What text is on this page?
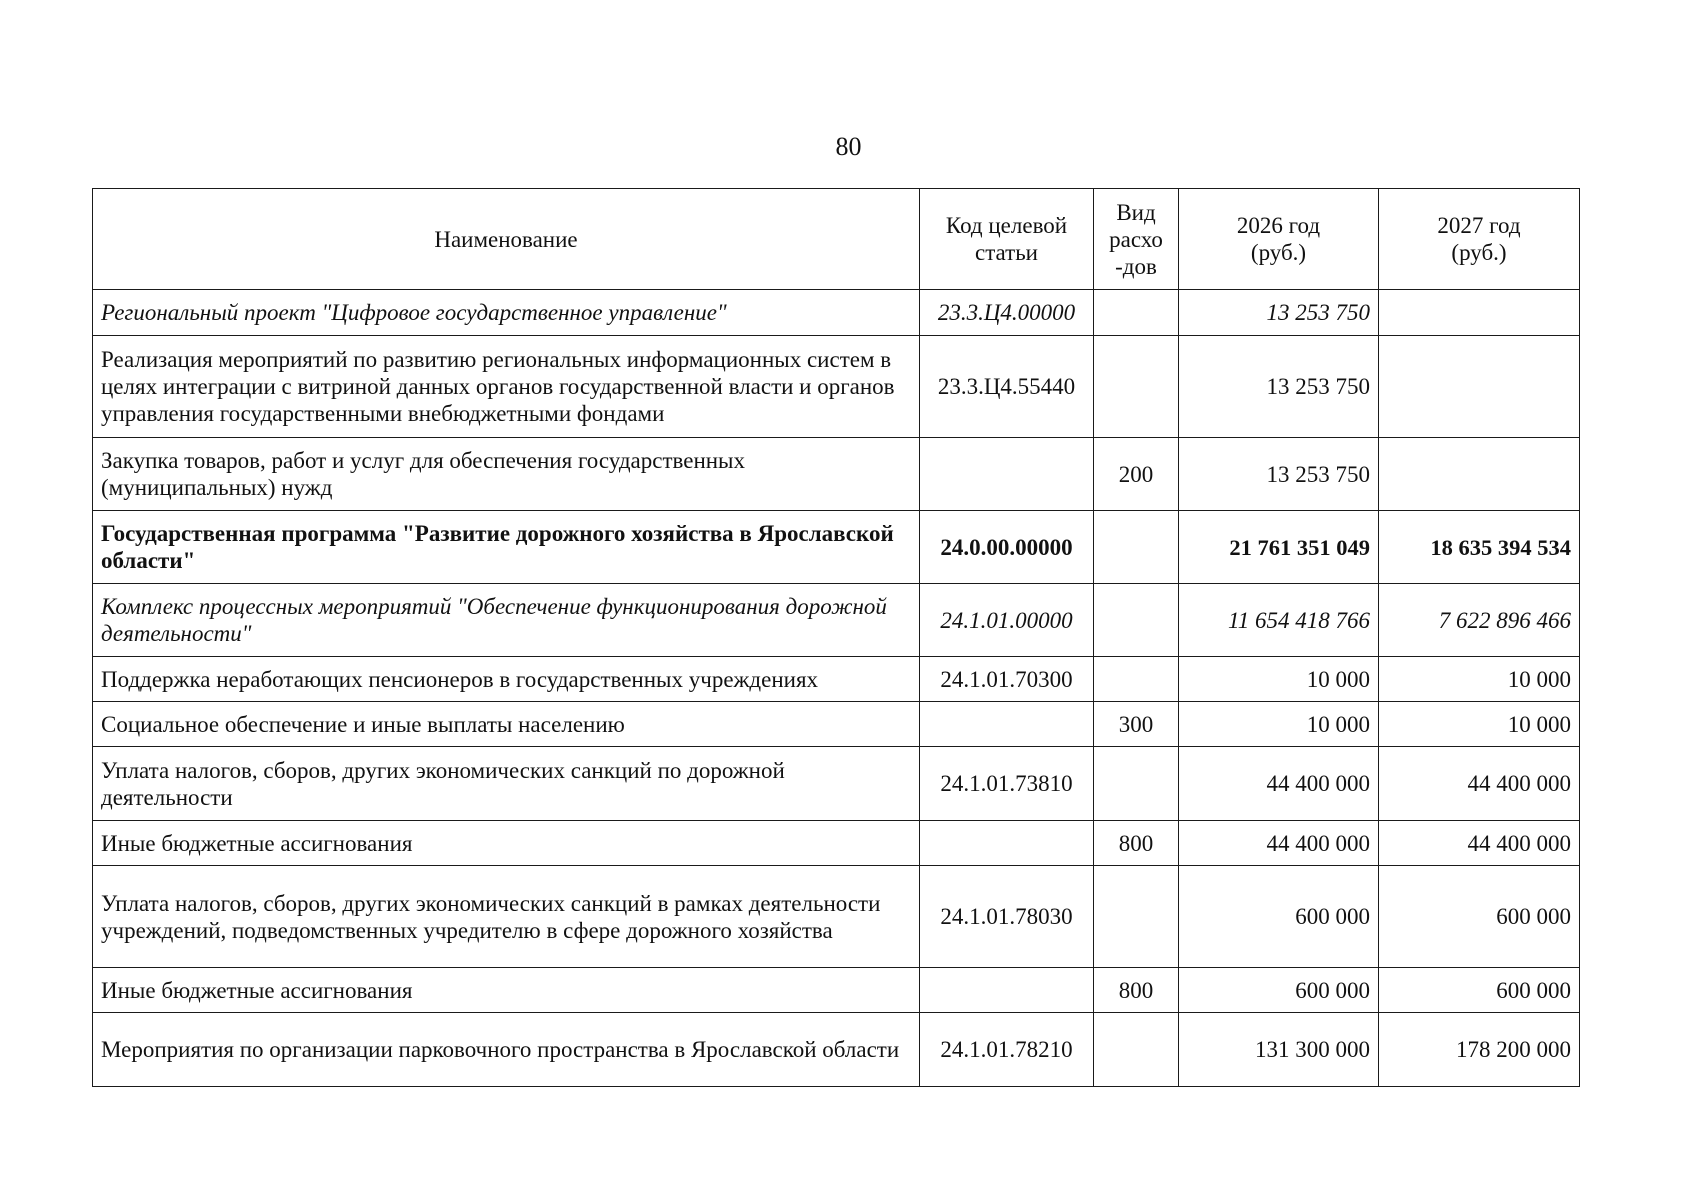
80
Наименование	Код целевой статьи	Вид расхо-дов	2026 год (руб.)	2027 год (руб.)

Региональный проект "Цифровое государственное управление"	23.3.Ц4.00000		13 253 750	
Реализация мероприятий по развитию региональных информационных систем в целях интеграции с витриной данных органов государственной власти и органов управления государственными внебюджетными фондами	23.3.Ц4.55440		13 253 750	
Закупка товаров, работ и услуг для обеспечения государственных (муниципальных) нужд		200	13 253 750	
Государственная программа "Развитие дорожного хозяйства в Ярославской области"	24.0.00.00000		21 761 351 049	18 635 394 534
Комплекс процессных мероприятий "Обеспечение функционирования дорожной деятельности"	24.1.01.00000		11 654 418 766	7 622 896 466
Поддержка неработающих пенсионеров в государственных учреждениях	24.1.01.70300		10 000	10 000
Социальное обеспечение и иные выплаты населению		300	10 000	10 000
Уплата налогов, сборов, других экономических санкций по дорожной деятельности	24.1.01.73810		44 400 000	44 400 000
Иные бюджетные ассигнования		800	44 400 000	44 400 000
Уплата налогов, сборов, других экономических санкций в рамках деятельности учреждений, подведомственных учредителю в сфере дорожного хозяйства	24.1.01.78030		600 000	600 000
Иные бюджетные ассигнования		800	600 000	600 000
Мероприятия по организации парковочного пространства в Ярославской области	24.1.01.78210		131 300 000	178 200 000
